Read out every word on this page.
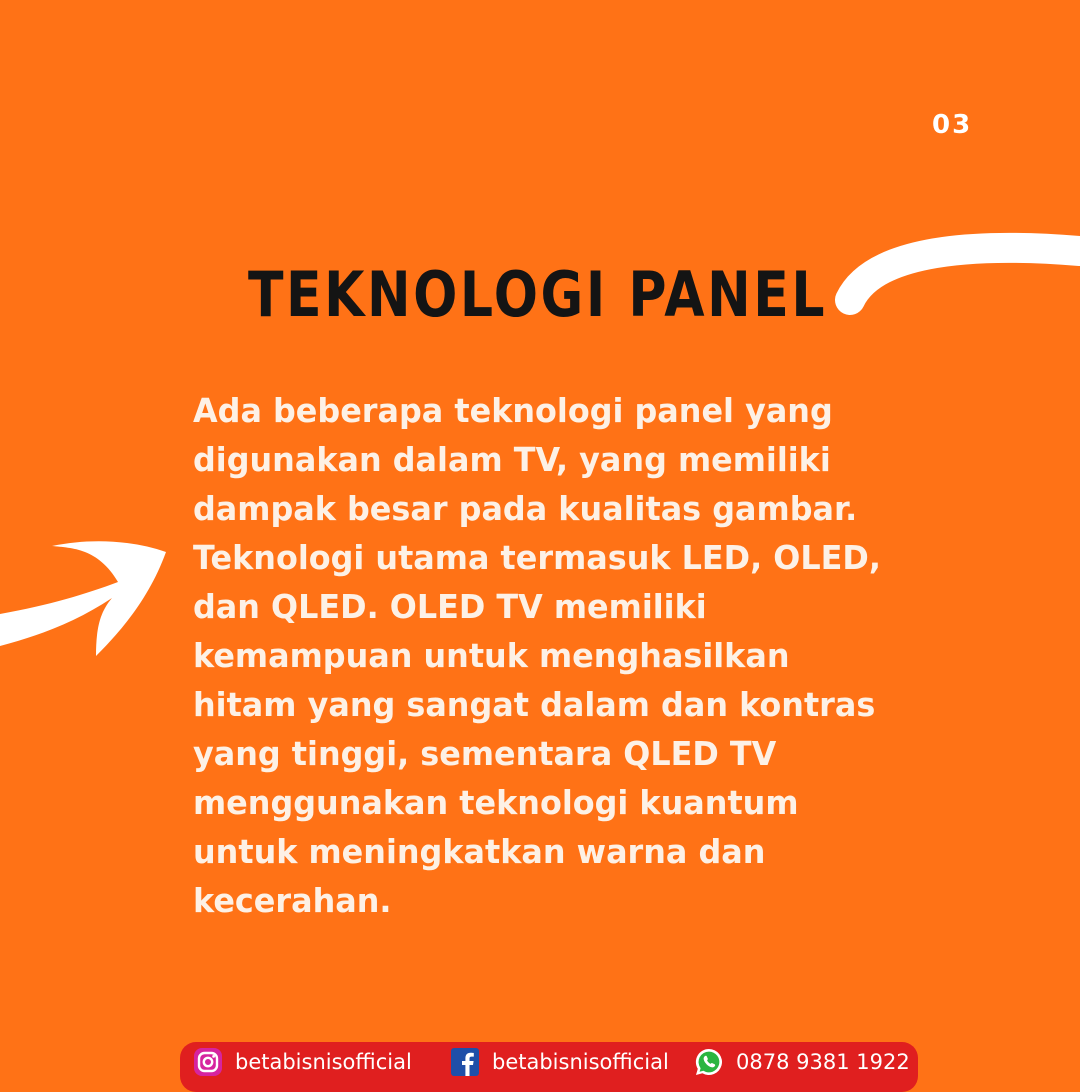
03
TEKNOLOGI PANEL
Ada beberapa teknologi panel yang
digunakan dalam TV, yang memiliki
dampak besar pada kualitas gambar.
Teknologi utama termasuk LED, OLED,
dan QLED. OLED TV memiliki
kemampuan untuk menghasilkan
hitam yang sangat dalam dan kontras
yang tinggi, sementara QLED TV
menggunakan teknologi kuantum
untuk meningkatkan warna dan
kecerahan.
betabisnisofficial	betabisnisofficial	0878 9381 1922
